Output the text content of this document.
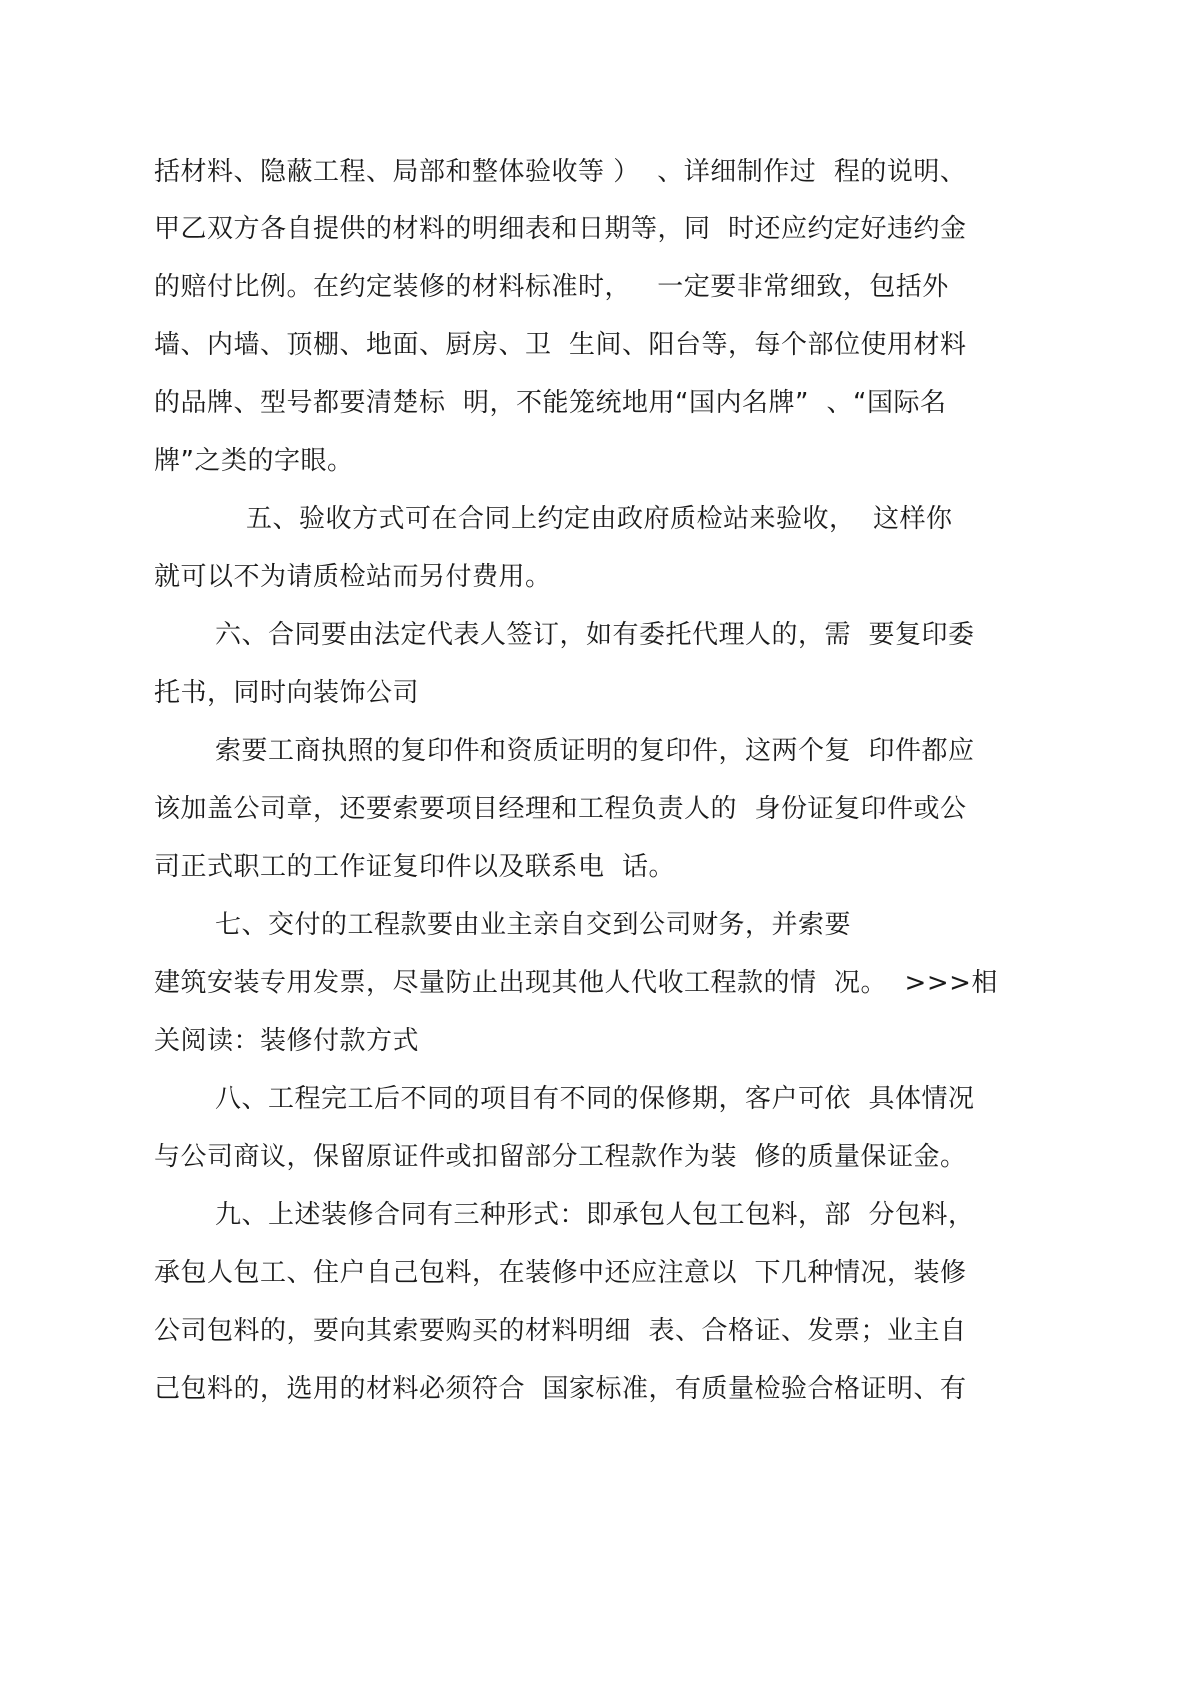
括材料、隐蔽工程、局部和整体验收等 ）  、详细制作过  程的说明、
甲乙双方各自提供的材料的明细表和日期等，同  时还应约定好违约金
的赔付比例。在约定装修的材料标准时，   一定要非常细致，包括外
墙、内墙、顶棚、地面、厨房、卫  生间、阳台等，每个部位使用材料
的品牌、型号都要清楚标  明，不能笼统地用“国内名牌”  、“国际名
牌”之类的字眼。
五、验收方式可在合同上约定由政府质检站来验收，  这样你
就可以不为请质检站而另付费用。
六、合同要由法定代表人签订，如有委托代理人的，需  要复印委
托书，同时向装饰公司
索要工商执照的复印件和资质证明的复印件，这两个复  印件都应
该加盖公司章，还要索要项目经理和工程负责人的  身份证复印件或公
司正式职工的工作证复印件以及联系电  话。
七、交付的工程款要由业主亲自交到公司财务，并索要
建筑安装专用发票，尽量防止出现其他人代收工程款的情  况。  >>>相
关阅读：装修付款方式
八、工程完工后不同的项目有不同的保修期，客户可依  具体情况
与公司商议，保留原证件或扣留部分工程款作为装  修的质量保证金。
九、上述装修合同有三种形式：即承包人包工包料，部  分包料，
承包人包工、住户自己包料，在装修中还应注意以  下几种情况，装修
公司包料的，要向其索要购买的材料明细  表、合格证、发票；业主自
己包料的，选用的材料必须符合  国家标准，有质量检验合格证明、有
